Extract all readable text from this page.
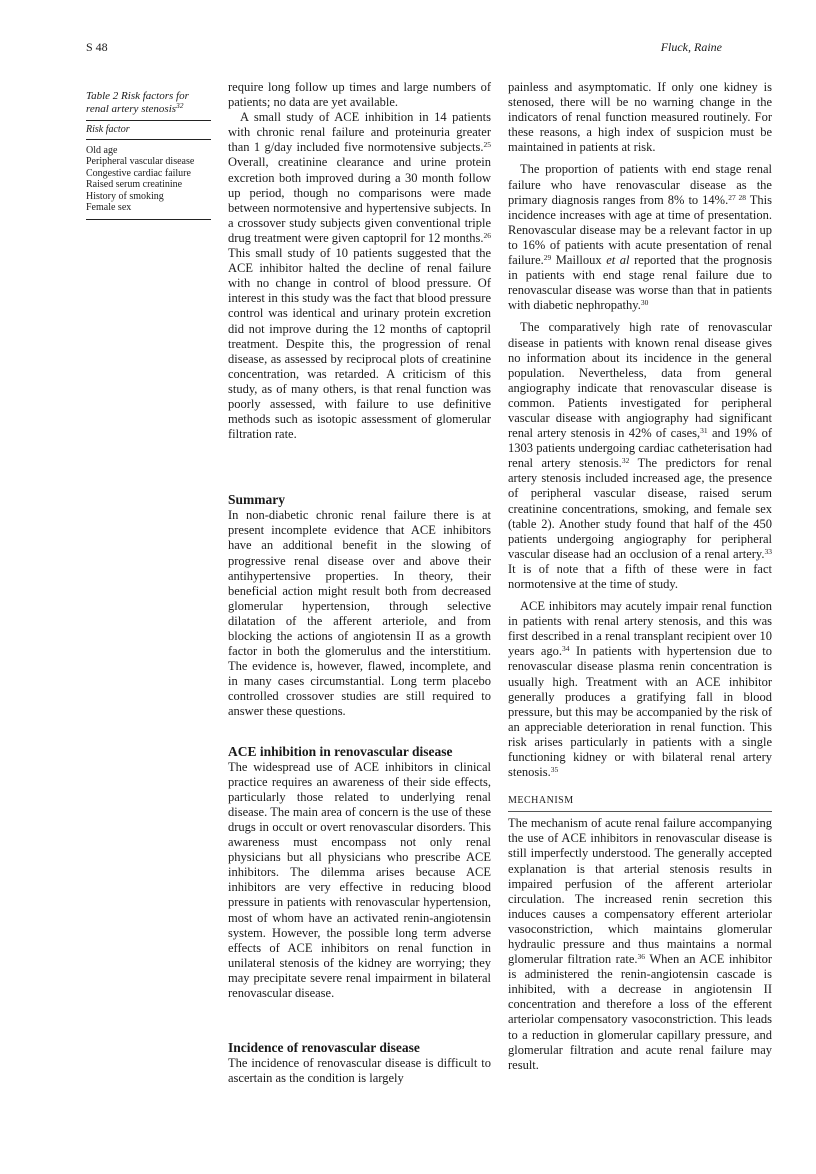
S 48	Fluck, Raine
Table 2 Risk factors for renal artery stenosis$^{32}$
Risk factor
Old age
Peripheral vascular disease
Congestive cardiac failure
Raised serum creatinine
History of smoking
Female sex

require long follow up times and large numbers of patients; no data are yet available.

A small study of ACE inhibition in 14 patients with chronic renal failure and proteinuria greater than 1 g/day included five normotensive subjects.$^{25}$ Overall, creatinine clearance and urine protein excretion both improved during a 30 month follow up period, though no comparisons were made between normotensive and hypertensive subjects. In a crossover study subjects given conventional triple drug treatment were given captopril for 12 months.$^{26}$ This small study of 10 patients suggested that the ACE inhibitor halted the decline of renal failure with no change in control of blood pressure. Of interest in this study was the fact that blood pressure control was identical and urinary protein excretion did not improve during the 12 months of captopril treatment. Despite this, the progression of renal disease, as assessed by reciprocal plots of creatinine concentration, was retarded. A criticism of this study, as of many others, is that renal function was poorly assessed, with failure to use definitive methods such as isotopic assessment of glomerular filtration rate.

Summary

In non-diabetic chronic renal failure there is at present incomplete evidence that ACE inhibitors have an additional benefit in the slowing of progressive renal disease over and above their antihypertensive properties. In theory, their beneficial action might result both from decreased glomerular hypertension, through selective dilatation of the afferent arteriole, and from blocking the actions of angiotensin II as a growth factor in both the glomerulus and the interstitium. The evidence is, however, flawed, incomplete, and in many cases circumstantial. Long term placebo controlled crossover studies are still required to answer these questions.

ACE inhibition in renovascular disease

The widespread use of ACE inhibitors in clinical practice requires an awareness of their side effects, particularly those related to underlying renal disease. The main area of concern is the use of these drugs in occult or overt renovascular disorders. This awareness must encompass not only renal physicians but all physicians who prescribe ACE inhibitors. The dilemma arises because ACE inhibitors are very effective in reducing blood pressure in patients with renovascular hypertension, most of whom have an activated renin-angiotensin system. However, the possible long term adverse effects of ACE inhibitors on renal function in unilateral stenosis of the kidney are worrying; they may precipitate severe renal impairment in bilateral renovascular disease.

Incidence of renovascular disease

The incidence of renovascular disease is difficult to ascertain as the condition is largely

painless and asymptomatic. If only one kidney is stenosed, there will be no warning change in the indicators of renal function measured routinely. For these reasons, a high index of suspicion must be maintained in patients at risk.

The proportion of patients with end stage renal failure who have renovascular disease as the primary diagnosis ranges from 8% to 14%.$^{27 28}$ This incidence increases with age at time of presentation. Renovascular disease may be a relevant factor in up to 16% of patients with acute presentation of renal failure.$^{29}$ Mailloux et al reported that the prognosis in patients with end stage renal failure due to renovascular disease was worse than that in patients with diabetic nephropathy.$^{30}$

The comparatively high rate of renovascular disease in patients with known renal disease gives no information about its incidence in the general population. Nevertheless, data from general angiography indicate that renovascular disease is common. Patients investigated for peripheral vascular disease with angiography had significant renal artery stenosis in 42% of cases,$^{31}$ and 19% of 1303 patients undergoing cardiac catheterisation had renal artery stenosis.$^{32}$ The predictors for renal artery stenosis included increased age, the presence of peripheral vascular disease, raised serum creatinine concentrations, smoking, and female sex (table 2). Another study found that half of the 450 patients undergoing angiography for peripheral vascular disease had an occlusion of a renal artery.$^{33}$ It is of note that a fifth of these were in fact normotensive at the time of study.

ACE inhibitors may acutely impair renal function in patients with renal artery stenosis, and this was first described in a renal transplant recipient over 10 years ago.$^{34}$ In patients with hypertension due to renovascular disease plasma renin concentration is usually high. Treatment with an ACE inhibitor generally produces a gratifying fall in blood pressure, but this may be accompanied by the risk of an appreciable deterioration in renal function. This risk arises particularly in patients with a single functioning kidney or with bilateral renal artery stenosis.$^{35}$

MECHANISM

The mechanism of acute renal failure accompanying the use of ACE inhibitors in renovascular disease is still imperfectly understood. The generally accepted explanation is that arterial stenosis results in impaired perfusion of the afferent arteriolar circulation. The increased renin secretion this induces causes a compensatory efferent arteriolar vasoconstriction, which maintains glomerular hydraulic pressure and thus maintains a normal glomerular filtration rate.$^{36}$ When an ACE inhibitor is administered the renin-angiotensin cascade is inhibited, with a decrease in angiotensin II concentration and therefore a loss of the efferent arteriolar compensatory vasoconstriction. This leads to a reduction in glomerular capillary pressure, and glomerular filtration and acute renal failure may result.
